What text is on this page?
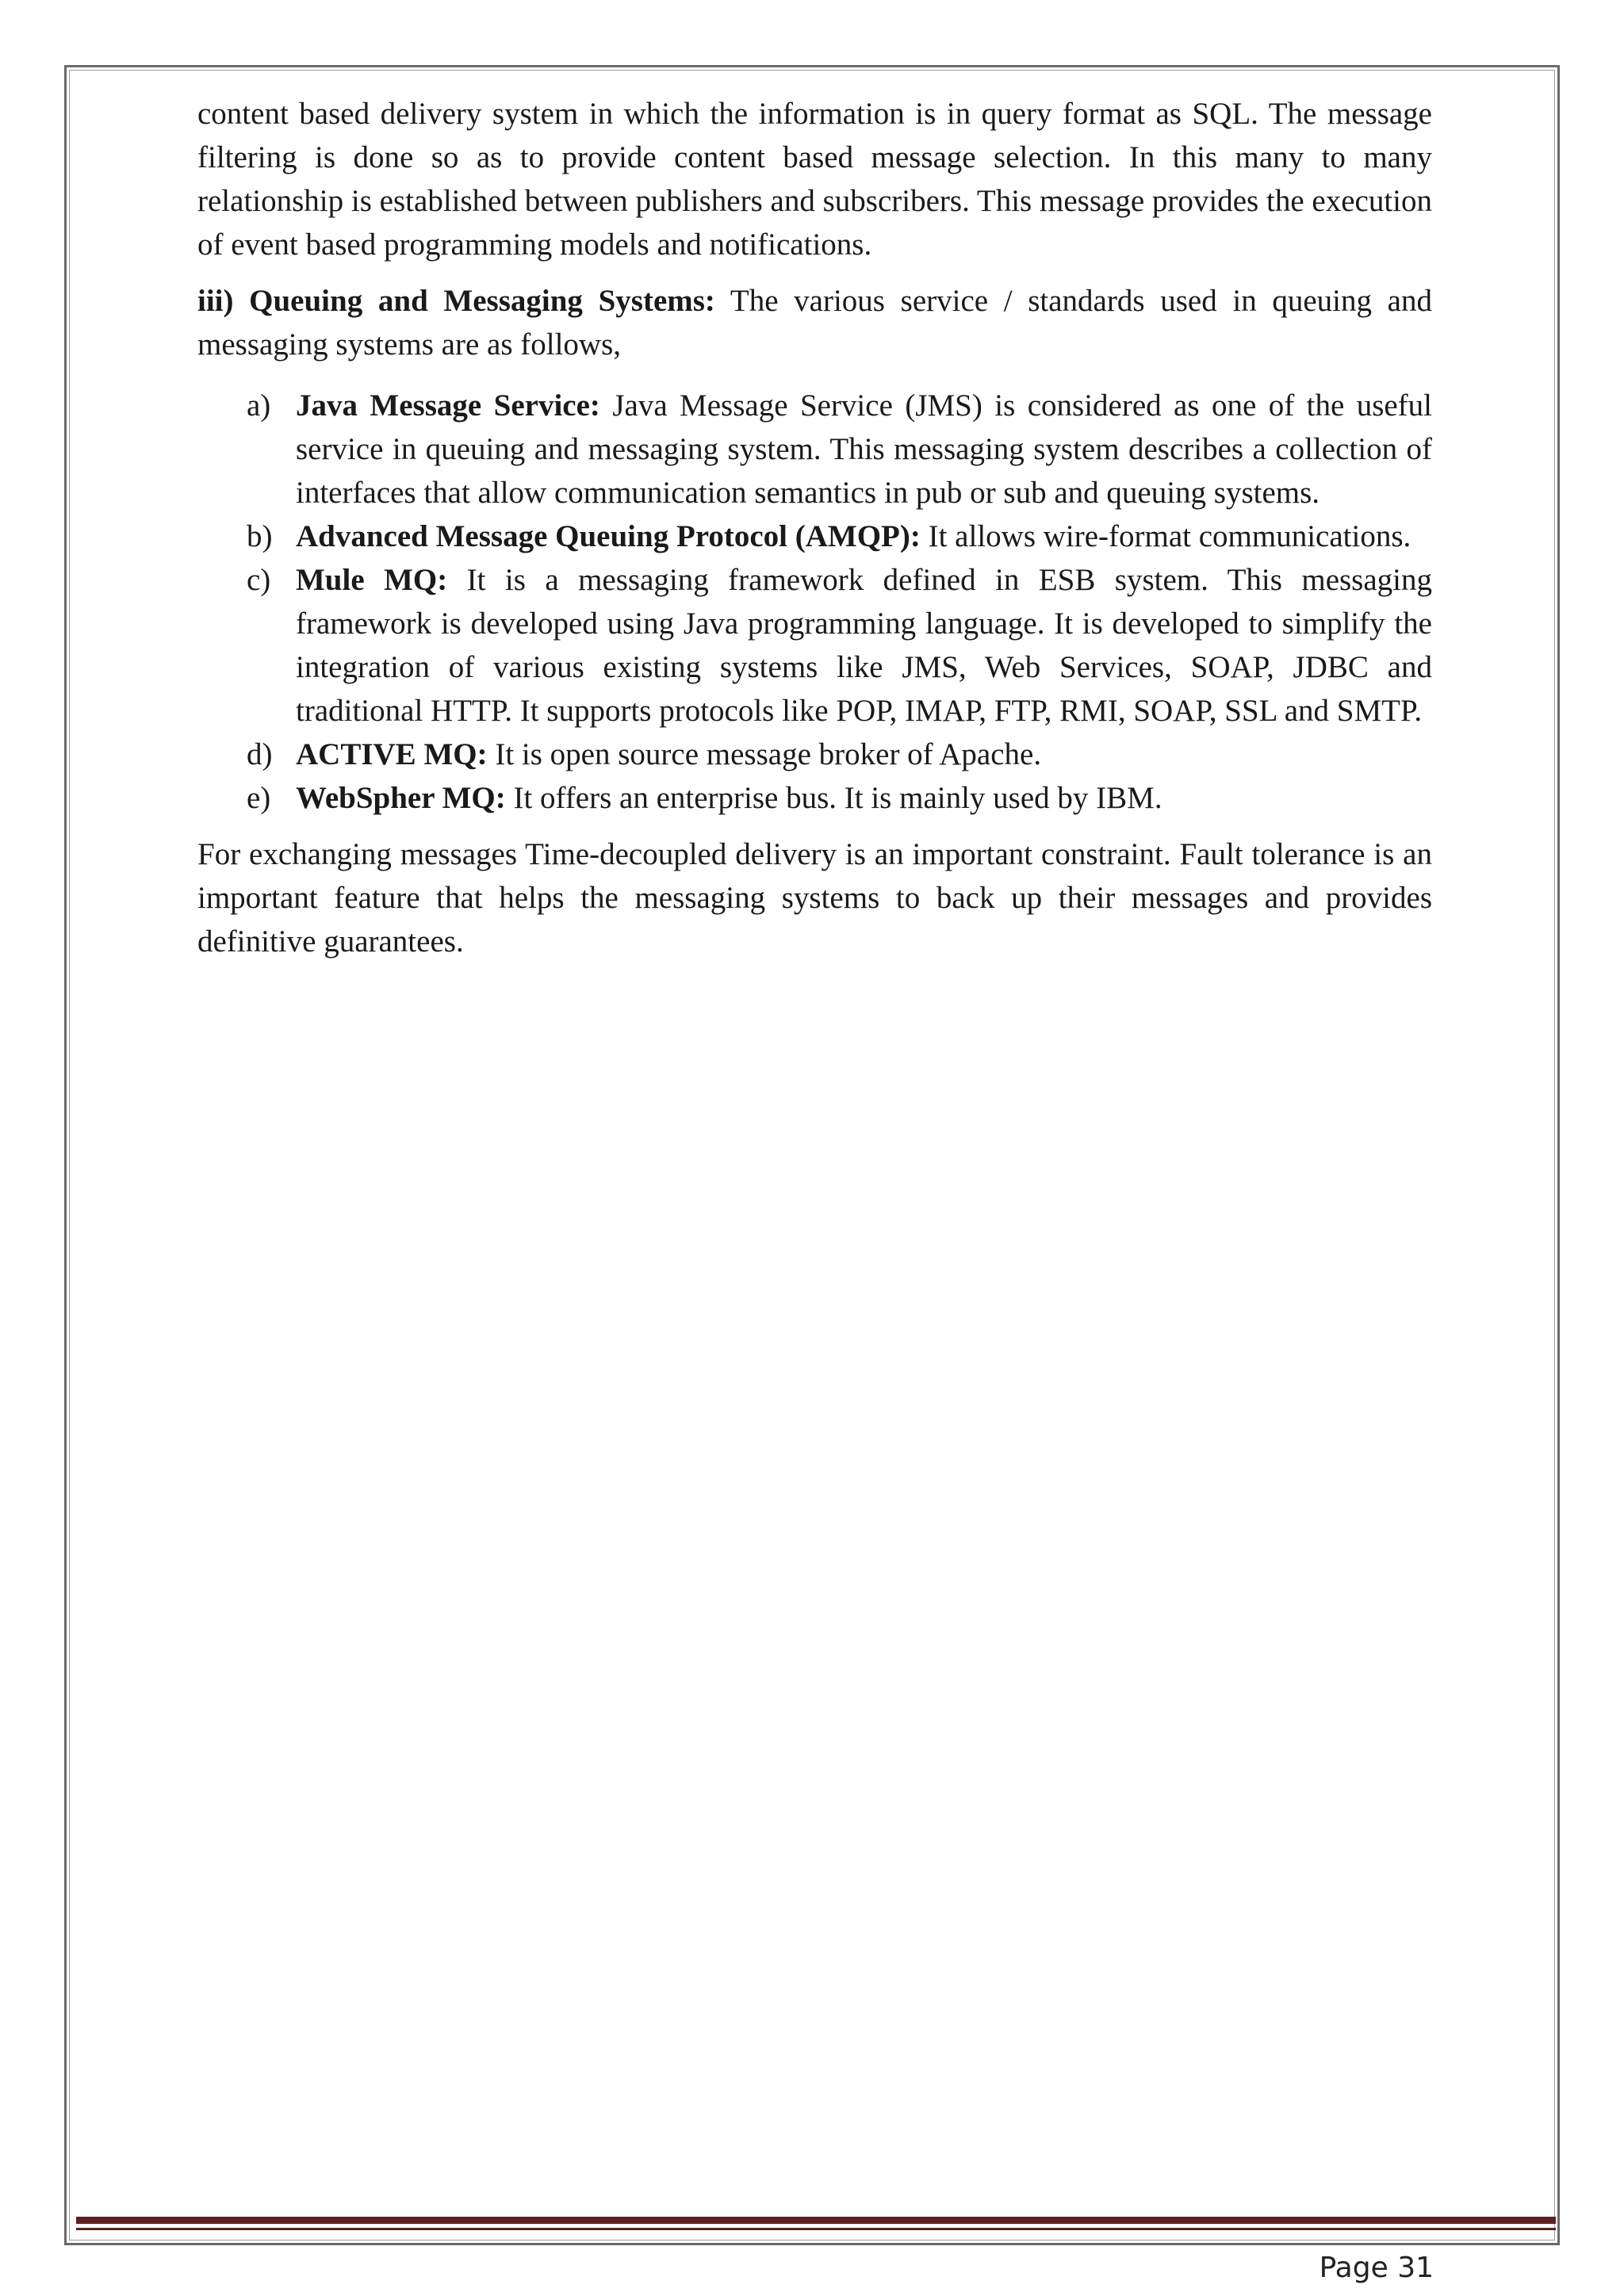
content based delivery system in which the information is in query format as SQL. The message filtering is done so as to provide content based message selection. In this many to many relationship is established between publishers and subscribers. This message provides the execution of event based programming models and notifications.

iii) Queuing and Messaging Systems: The various service / standards used in queuing and messaging systems are as follows,

a) Java Message Service: Java Message Service (JMS) is considered as one of the useful service in queuing and messaging system. This messaging system describes a collection of interfaces that allow communication semantics in pub or sub and queuing systems.
b) Advanced Message Queuing Protocol (AMQP): It allows wire-format communications.
c) Mule MQ: It is a messaging framework defined in ESB system. This messaging framework is developed using Java programming language. It is developed to simplify the integration of various existing systems like JMS, Web Services, SOAP, JDBC and traditional HTTP. It supports protocols like POP, IMAP, FTP, RMI, SOAP, SSL and SMTP.
d) ACTIVE MQ: It is open source message broker of Apache.
e) WebSpher MQ: It offers an enterprise bus. It is mainly used by IBM.

For exchanging messages Time-decoupled delivery is an important constraint. Fault tolerance is an important feature that helps the messaging systems to back up their messages and provides definitive guarantees.

Page 31
